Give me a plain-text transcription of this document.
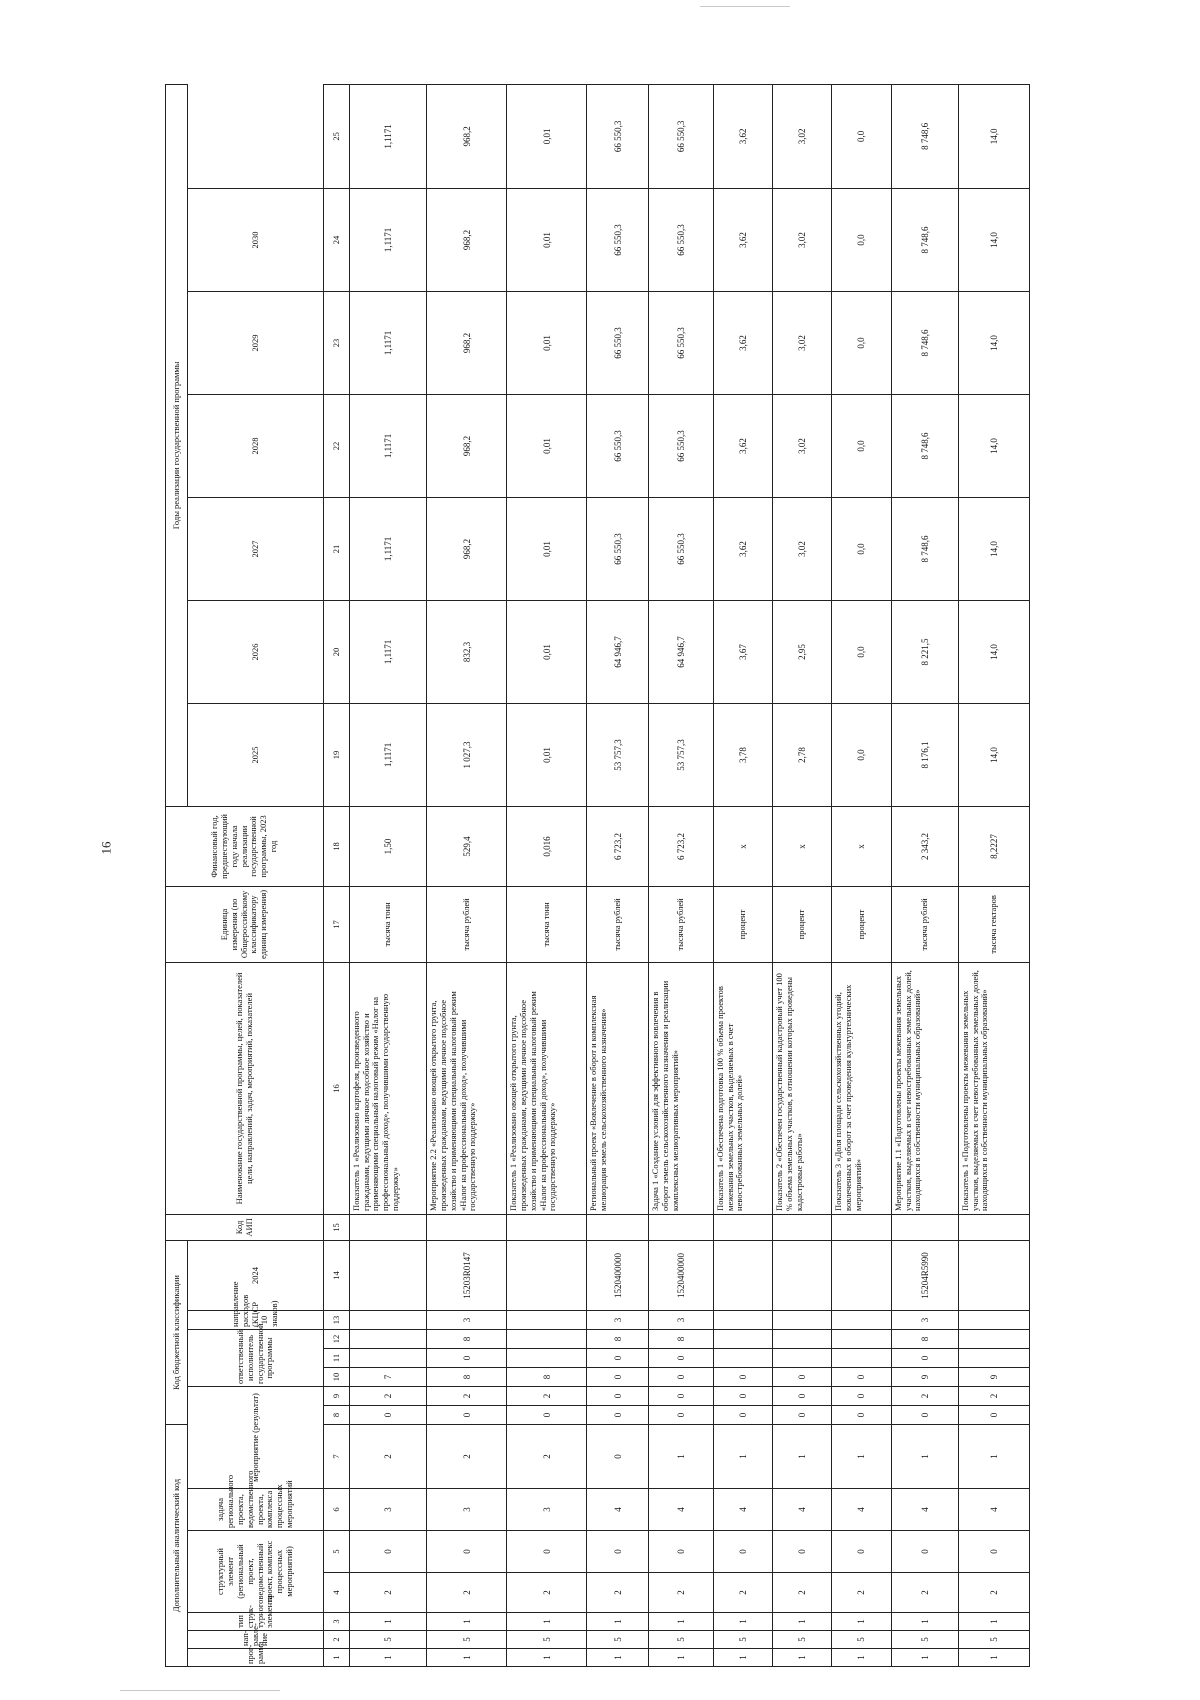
16
Дополнительный аналитический код							Код бюджетной классификации							Код АИП	Наименование государственной программы, целей, показателей цели, направлений, задач, мероприятий, показателей	Единица измерения (по Общероссийскому классификатору единиц измерения)	Финансовый год, предшествующий году начала реализации государственной программы, 2023 год	Годы реализации государственной программы						
прог-рамма	нап-равле-ние	тип струк-турного элемента	структурный элемент (региональный проект, ведомственный проект, комплекс процессных мероприятий)		задача регионального проекта, ведомственного проекта, комплекса процессных мероприятий	мероприятие (результат)			ответственный исполнитель государственной программы			направление расходов (КЦСР 10 знаков)	2024					2025	2026	2027	2028	2029	2030	
1	2	3	4	5	6	7	8	9	10	11	12	13	14	15	16	17	18	19	20	21	22	23	24	25
1	5	1	2	0	3	2	0	2	7						Показатель 1 «Реализовано картофеля, произведенного гражданами, ведущими личное подсобное хозяйство и применяющими специальный налоговый режим «Налог на профессиональный доход», получившими государственную поддержку»	тысяча тонн	1,50	1,1171	1,1171	1,1171	1,1171	1,1171	1,1171	1,1171
1	5	1	2	0	3	2	0	2	8	0	8	3	15203R0147		Мероприятие 2.2 «Реализовано овощей открытого грунта, произведенных гражданами, ведущими личное подсобное хозяйство и применяющими специальный налоговый режим «Налог на профессиональный доход», получившими государственную поддержку»	тысяча рублей	529,4	1 027,3	832,3	968,2	968,2	968,2	968,2	968,2
1	5	1	2	0	3	2	0	2	8						Показатель 1 «Реализовано овощей открытого грунта, произведенных гражданами, ведущими личное подсобное хозяйство и применяющими специальный налоговый режим «Налог на профессиональный доход», получившими государственную поддержку»	тысяча тонн	0,016	0,01	0,01	0,01	0,01	0,01	0,01	0,01
1	5	1	2	0	4	0	0	0	0	0	8	3	1520400000		Региональный проект «Вовлечение в оборот и комплексная мелиорация земель сельскохозяйственного назначения»	тысяча рублей	6 723,2	53 757,3	64 946,7	66 550,3	66 550,3	66 550,3	66 550,3	66 550,3
1	5	1	2	0	4	1	0	0	0	0	8	3	1520400000		Задача 1 «Создание условий для эффективного вовлечения в оборот земель сельскохозяйственного назначения и реализации комплексных мелиоративных мероприятий»	тысяча рублей	6 723,2	53 757,3	64 946,7	66 550,3	66 550,3	66 550,3	66 550,3	66 550,3
1	5	1	2	0	4	1	0	0	0						Показатель 1 «Обеспечена подготовка 100 % объема проектов межевания земельных участков, выделяемых в счет невостребованных земельных долей»	процент	x	3,78	3,67	3,62	3,62	3,62	3,62	3,62
1	5	1	2	0	4	1	0	0	0						Показатель 2 «Обеспечен государственный кадастровый учет 100 % объема земельных участков, в отношении которых проведены кадастровые работы»	процент	x	2,78	2,95	3,02	3,02	3,02	3,02	3,02
1	5	1	2	0	4	1	0	0	0						Показатель 3 «Доля площади сельскохозяйственных угодий, вовлеченных в оборот за счет проведения культуртехнических мероприятий»	процент	x	0,0	0,0	0,0	0,0	0,0	0,0	0,0
1	5	1	2	0	4	1	0	2	9	0	8	3	15204R5990		Мероприятие 1.1 «Подготовлены проекты межевания земельных участков, выделяемых в счет невостребованных земельных долей, находящихся в собственности муниципальных образований»	тысяча рублей	2 343,2	8 176,1	8 221,5	8 748,6	8 748,6	8 748,6	8 748,6	8 748,6
1	5	1	2	0	4	1	0	2	9						Показатель 1 «Подготовлены проекты межевания земельных участков, выделяемых в счет невостребованных земельных долей, находящихся в собственности муниципальных образований»	тысяча гектаров	8,2227	14,0	14,0	14,0	14,0	14,0	14,0	14,0
